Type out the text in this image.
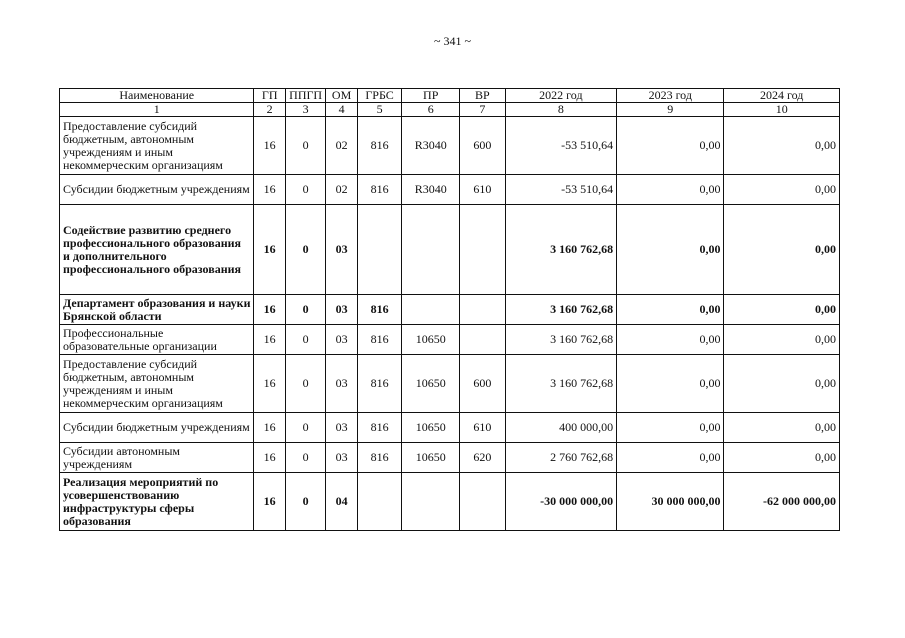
~ 341 ~
Наименование	ГП	ППГП	ОМ	ГРБС	ПР	ВР	2022 год	2023 год	2024 год
1	2	3	4	5	6	7	8	9	10
Предоставление субсидий бюджетным, автономным учреждениям и иным некоммерческим организациям	16	0	02	816	R3040	600	-53 510,64	0,00	0,00
Субсидии бюджетным учреждениям	16	0	02	816	R3040	610	-53 510,64	0,00	0,00
Содействие развитию среднего профессионального образования и дополнительного профессионального образования	16	0	03				3 160 762,68	0,00	0,00
Департамент образования и науки Брянской области	16	0	03	816			3 160 762,68	0,00	0,00
Профессиональные образовательные организации	16	0	03	816	10650		3 160 762,68	0,00	0,00
Предоставление субсидий бюджетным, автономным учреждениям и иным некоммерческим организациям	16	0	03	816	10650	600	3 160 762,68	0,00	0,00
Субсидии бюджетным учреждениям	16	0	03	816	10650	610	400 000,00	0,00	0,00
Субсидии автономным учреждениям	16	0	03	816	10650	620	2 760 762,68	0,00	0,00
Реализация мероприятий по усовершенствованию инфраструктуры сферы образования	16	0	04				-30 000 000,00	30 000 000,00	-62 000 000,00
